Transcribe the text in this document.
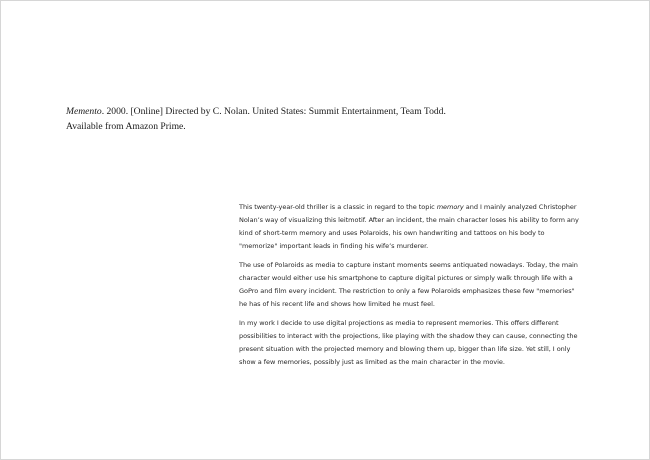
Memento. 2000. [Online] Directed by C. Nolan. United States: Summit Entertainment, Team Todd.
Available from Amazon Prime.

This twenty-year-old thriller is a classic in regard to the topic memory and I mainly analyzed Christopher Nolan’s way of visualizing this leitmotif. After an incident, the main character loses his ability to form any kind of short-term memory and uses Polaroids, his own handwriting and tattoos on his body to "memorize" important leads in finding his wife’s murderer.

The use of Polaroids as media to capture instant moments seems antiquated nowadays. Today, the main character would either use his smartphone to capture digital pictures or simply walk through life with a GoPro and film every incident. The restriction to only a few Polaroids emphasizes these few "memories" he has of his recent life and shows how limited he must feel.

In my work I decide to use digital projections as media to represent memories. This offers different possibilities to interact with the projections, like playing with the shadow they can cause, connecting the present situation with the projected memory and blowing them up, bigger than life size. Yet still, I only show a few memories, possibly just as limited as the main character in the movie.
